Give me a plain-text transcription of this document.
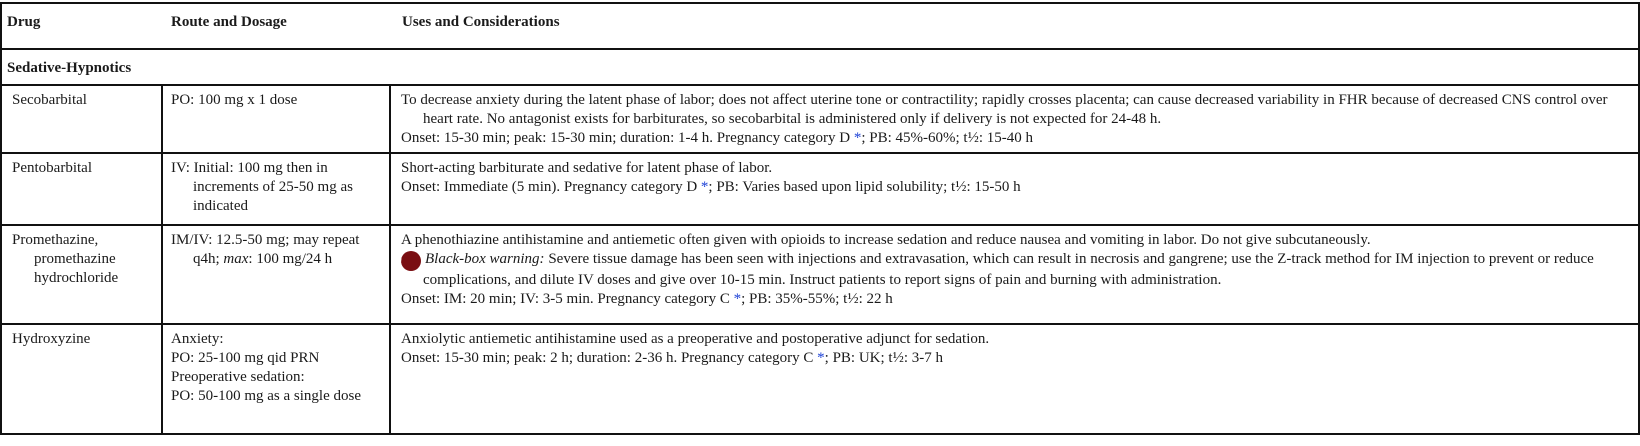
Drug	Route and Dosage	Uses and Considerations
Sedative-Hypnotics		

Secobarbital	PO: 100 mg x 1 dose	To decrease anxiety during the latent phase of labor; does not affect uterine tone or contractility; rapidly crosses placenta; can cause decreased variability in FHR because of decreased CNS control over heart rate. No antagonist exists for barbiturates, so secobarbital is administered only if delivery is not expected for 24-48 h.
Onset: 15-30 min; peak: 15-30 min; duration: 1-4 h. Pregnancy category D *; PB: 45%-60%; t½: 15-40 h

Pentobarbital	IV: Initial: 100 mg then in increments of 25-50 mg as indicated	Short-acting barbiturate and sedative for latent phase of labor.
Onset: Immediate (5 min). Pregnancy category D *; PB: Varies based upon lipid solubility; t½: 15-50 h

Promethazine, promethazine hydrochloride	IM/IV: 12.5-50 mg; may repeat q4h; max: 100 mg/24 h	A phenothiazine antihistamine and antiemetic often given with opioids to increase sedation and reduce nausea and vomiting in labor. Do not give subcutaneously.
! Black-box warning: Severe tissue damage has been seen with injections and extravasation, which can result in necrosis and gangrene; use the Z-track method for IM injection to prevent or reduce complications, and dilute IV doses and give over 10-15 min. Instruct patients to report signs of pain and burning with administration.
Onset: IM: 20 min; IV: 3-5 min. Pregnancy category C *; PB: 35%-55%; t½: 22 h

Hydroxyzine	Anxiety:
PO: 25-100 mg qid PRN
Preoperative sedation:
PO: 50-100 mg as a single dose	Anxiolytic antiemetic antihistamine used as a preoperative and postoperative adjunct for sedation.
Onset: 15-30 min; peak: 2 h; duration: 2-36 h. Pregnancy category C *; PB: UK; t½: 3-7 h
